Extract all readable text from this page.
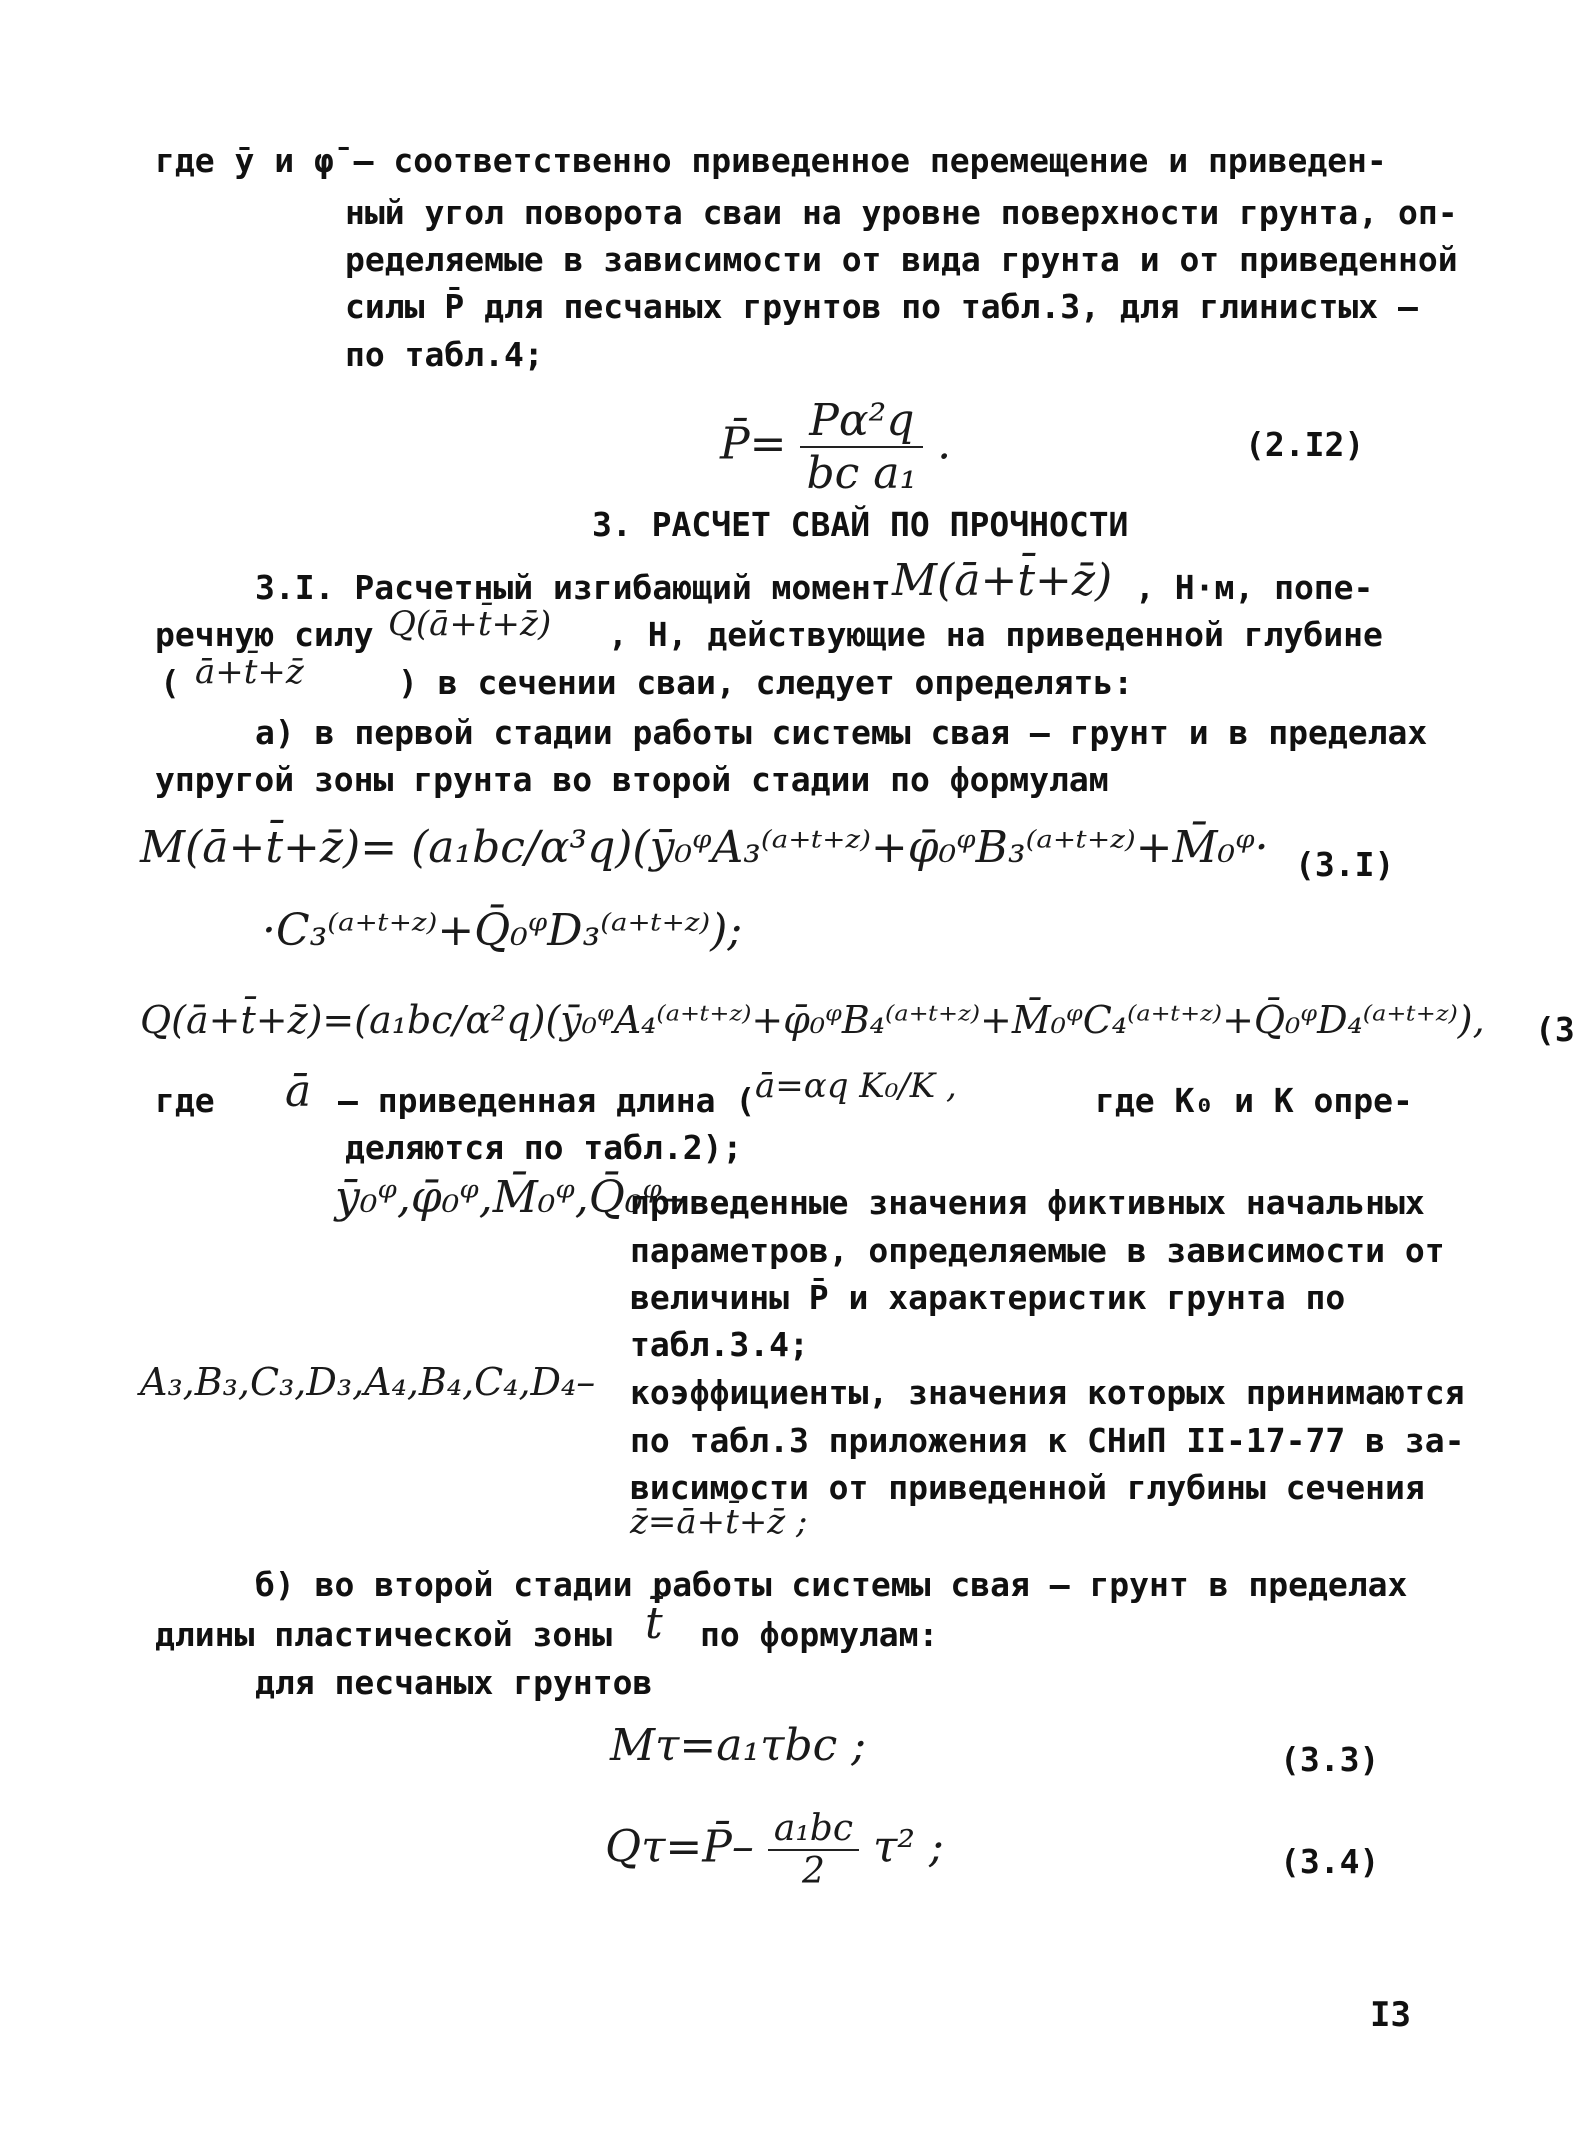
где ȳ и φ̄ – соответственно приведенное перемещение и приведен-
ный угол поворота сваи на уровне поверхности грунта, оп-
ределяемые в зависимости от вида грунта и от приведенной
силы P̄ для песчаных грунтов по табл.3, для глинистых –
по табл.4;
P̄= $\frac{\text{Pα²q}}{\text{bc a₁}}$ .	(2.I2)
3. РАСЧЕТ СВАЙ ПО ПРОЧНОСТИ
3.I. Расчетный изгибающий момент M(ā+t̄+z̄) , Н·м, попе-
речную силу Q(ā+t̄+z̄) , Н, действующие на приведенной глубине
( ā+t̄+z̄	) в сечении сваи, следует определять:
а) в первой стадии работы системы свая – грунт и в пределах
упругой зоны грунта во второй стадии по формулам
M(ā+t̄+z̄)= (a₁bc/α³q)(ȳ₀ᵠA₃⁽ᵃ⁺ᵗ⁺ᶻ⁾+φ̄₀ᵠB₃⁽ᵃ⁺ᵗ⁺ᶻ⁾+M̄₀ᵠ· (3.I)
·C₃⁽ᵃ⁺ᵗ⁺ᶻ⁾+Q̄₀ᵠD₃⁽ᵃ⁺ᵗ⁺ᶻ⁾);
Q(ā+t̄+z̄)=(a₁bc/α²q)(ȳ₀ᵠA₄⁽ᵃ⁺ᵗ⁺ᶻ⁾+φ̄₀ᵠB₄⁽ᵃ⁺ᵗ⁺ᶻ⁾+M̄₀ᵠC₄⁽ᵃ⁺ᵗ⁺ᶻ⁾+Q̄₀ᵠD₄⁽ᵃ⁺ᵗ⁺ᶻ⁾), (3
где ā – приведенная длина ( ā=αq K₀/K ,	где K₀ и K опре-
деляются по табл.2);
ȳ₀ᵠ,φ̄₀ᵠ,M̄₀ᵠ,Q̄₀ᵠ–
приведенные значения фиктивных начальных
параметров, определяемые в зависимости от
величины P̄ и характеристик грунта по
табл.3.4;
A₃,B₃,C₃,D₃,A₄,B₄,C₄,D₄– коэффициенты, значения которых принимаются
по табл.3 приложения к СНиП II-17-77 в за-
висимости от приведенной глубины сечения
z̄=ā+t̄+z̄ ;
б) во второй стадии работы системы свая – грунт в пределах
длины пластической зоны t̄ по формулам:
для песчаных грунтов
Mτ=a₁τbc ;	(3.3)
Qτ=P̄– $\frac{\text{a₁bc}}{2} \tau^2$ ;	(3.4)
I3
